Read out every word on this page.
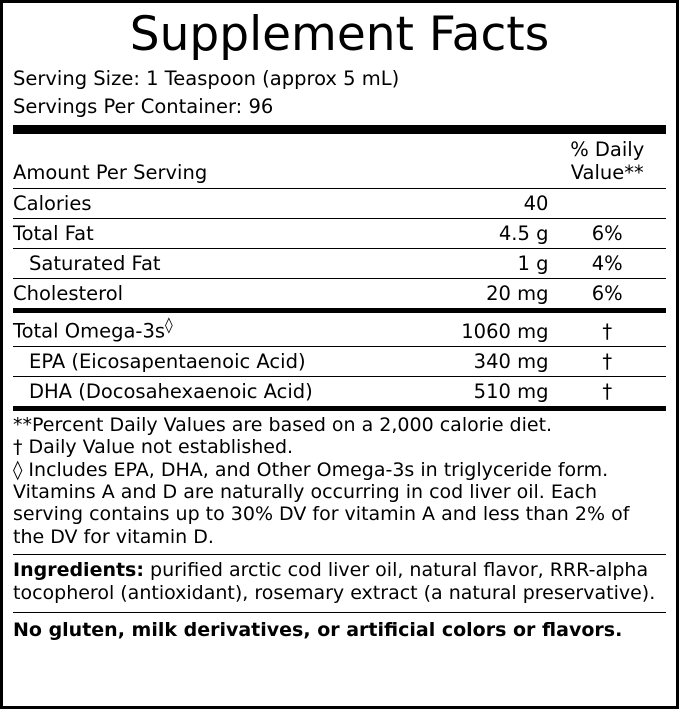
Supplement Facts
Serving Size: 1 Teaspoon (approx 5 mL)
Servings Per Container: 96
Amount Per Serving		% Daily Value**
Calories	40	
Total Fat	4.5 g	6%
Saturated Fat	1 g	4%
Cholesterol	20 mg	6%
Total Omega-3s◊	1060 mg	†
EPA (Eicosapentaenoic Acid)	340 mg	†
DHA (Docosahexaenoic Acid)	510 mg	†

**Percent Daily Values are based on a 2,000 calorie diet.

† Daily Value not established.

◊ Includes EPA, DHA, and Other Omega-3s in triglyceride form.

Vitamins A and D are naturally occurring in cod liver oil. Each serving contains up to 30% DV for vitamin A and less than 2% of the DV for vitamin D.

Ingredients: purified arctic cod liver oil, natural flavor, RRR-alpha tocopherol (antioxidant), rosemary extract (a natural preservative).
No gluten, milk derivatives, or artificial colors or flavors.
